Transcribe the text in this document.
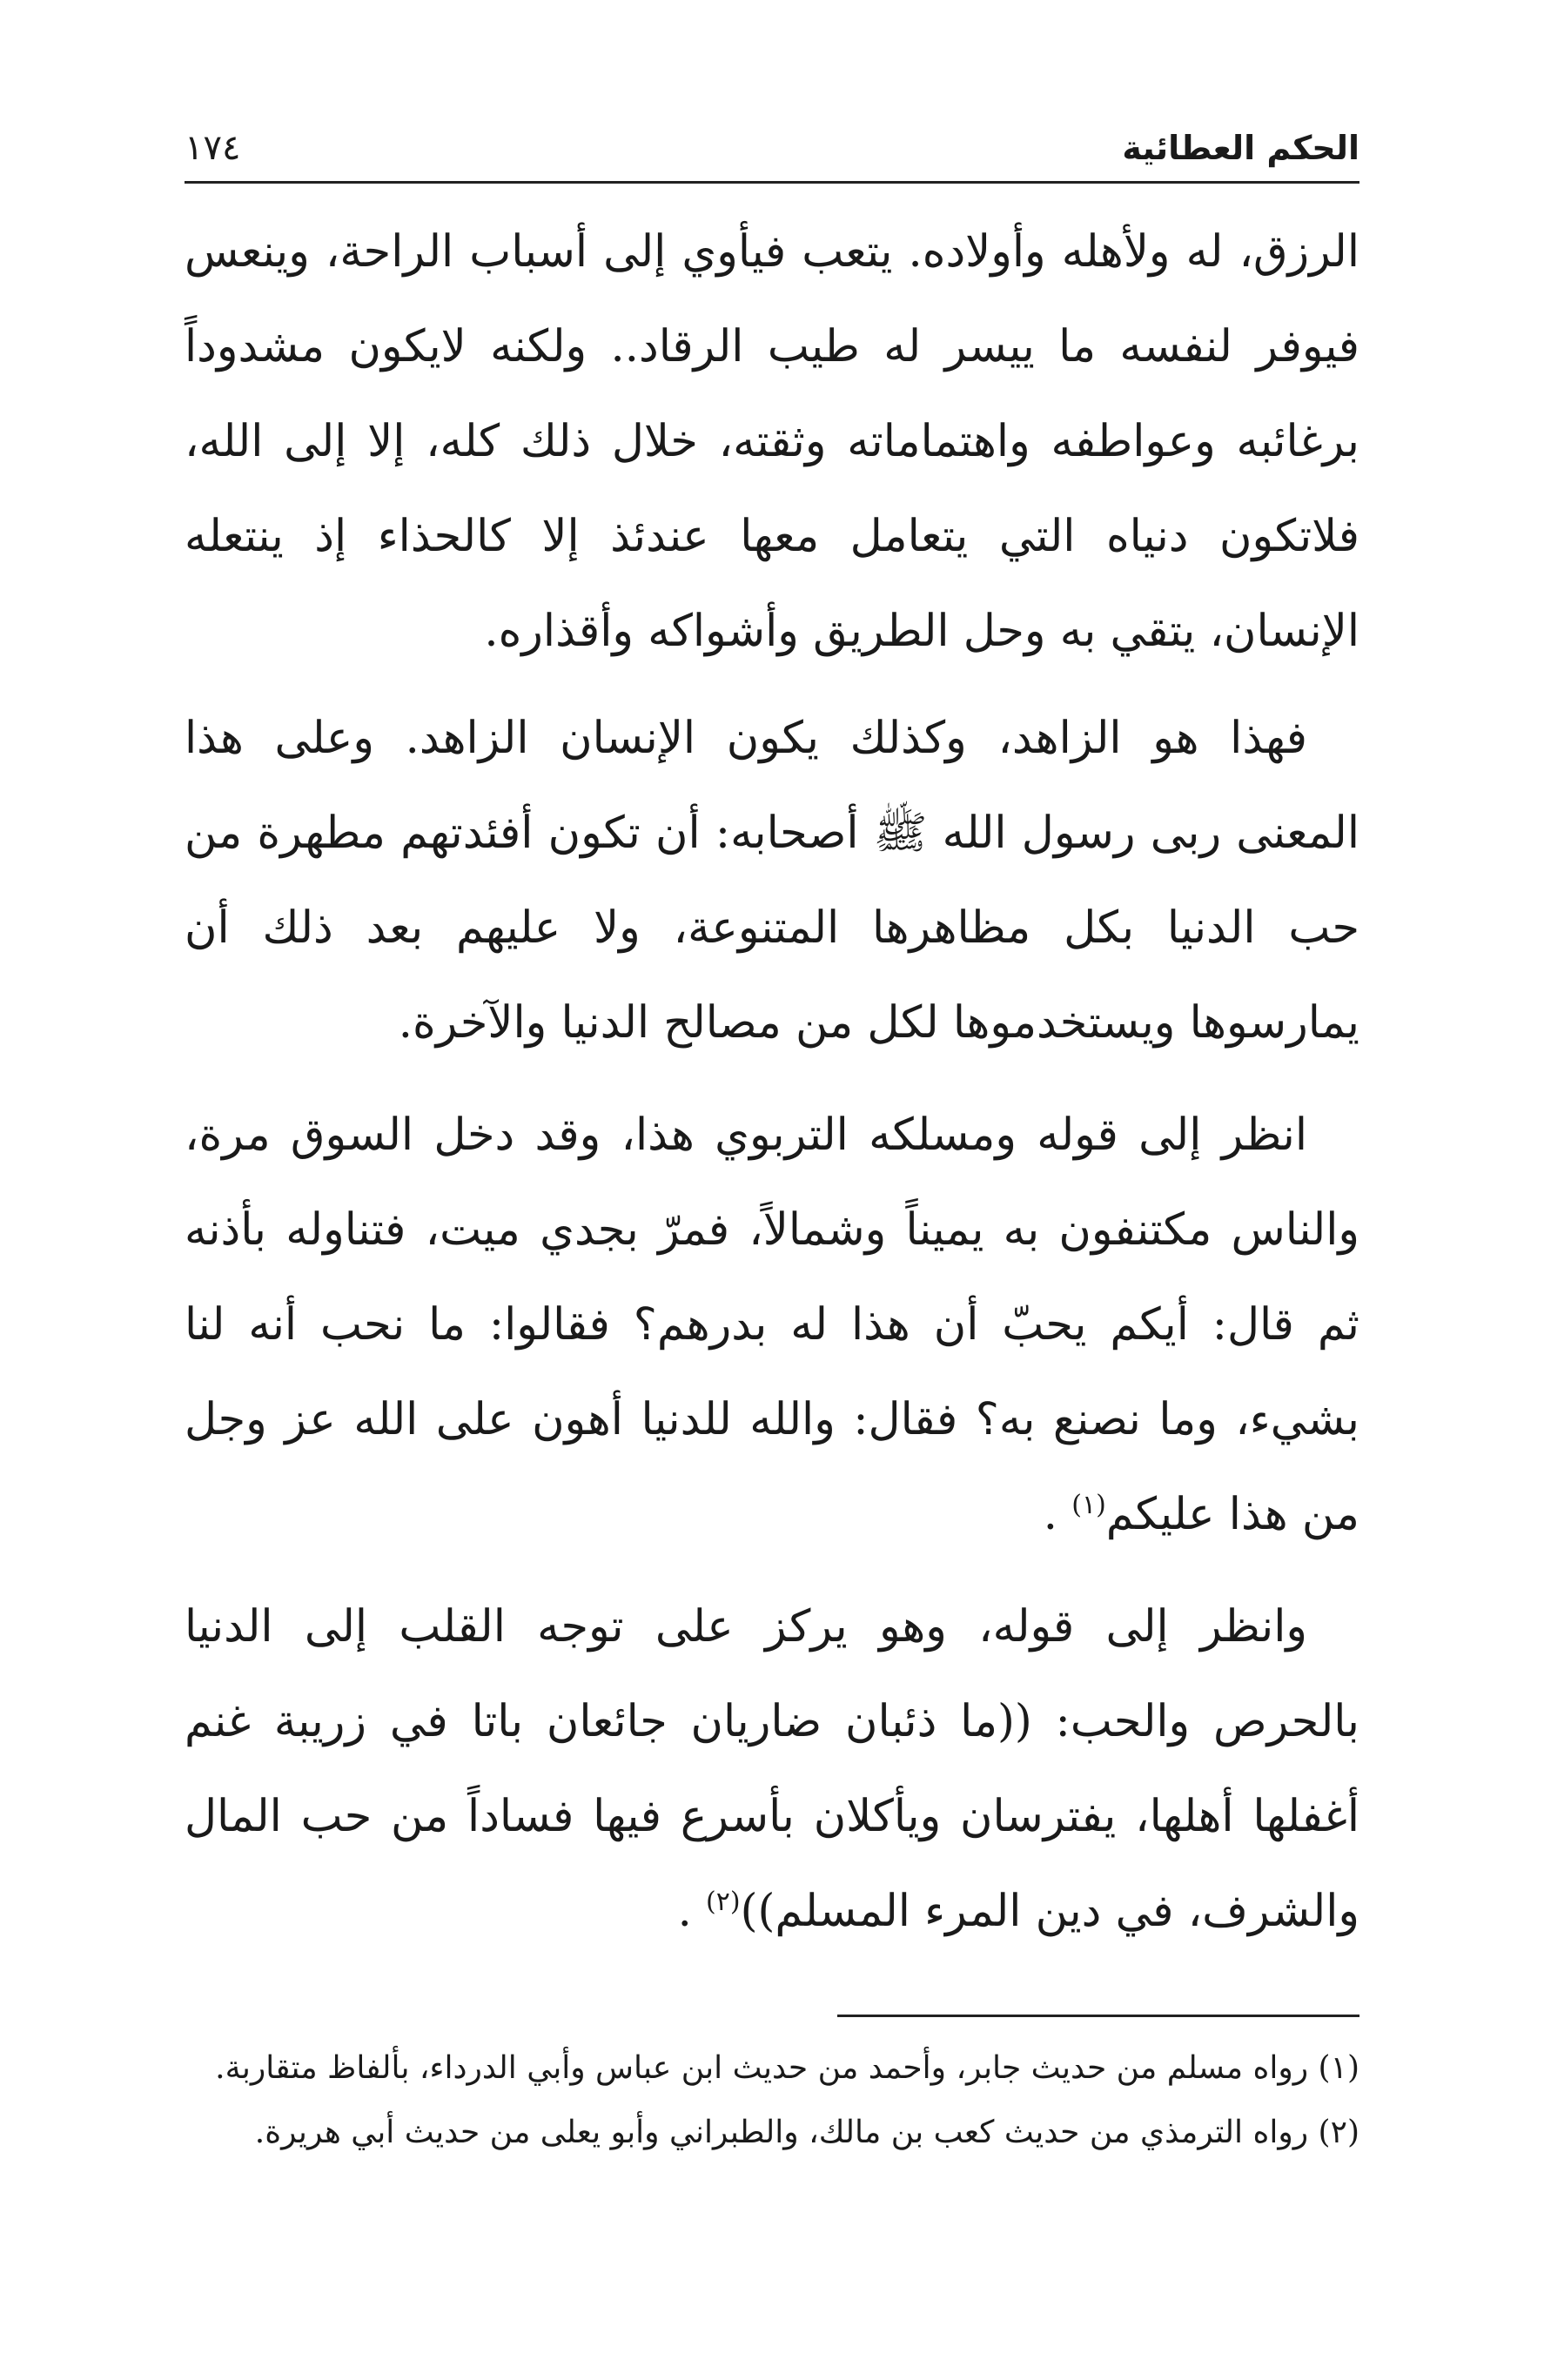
الحكم العطائية
١٧٤

الرزق، له ولأهله وأولاده. يتعب فيأوي إلى أسباب الراحة، وينعس فيوفر لنفسه ما ييسر له طيب الرقاد.. ولكنه لايكون مشدوداً برغائبه وعواطفه واهتماماته وثقته، خلال ذلك كله، إلا إلى الله، فلاتكون دنياه التي يتعامل معها عندئذ إلا كالحذاء إذ ينتعله الإنسان، يتقي به وحل الطريق وأشواكه وأقذاره.

فهذا هو الزاهد، وكذلك يكون الإنسان الزاهد. وعلى هذا المعنى ربى رسول الله ﷺ أصحابه: أن تكون أفئدتهم مطهرة من حب الدنيا بكل مظاهرها المتنوعة، ولا عليهم بعد ذلك أن يمارسوها ويستخدموها لكل من مصالح الدنيا والآخرة.

انظر إلى قوله ومسلكه التربوي هذا، وقد دخل السوق مرة، والناس مكتنفون به يميناً وشمالاً، فمرّ بجدي ميت، فتناوله بأذنه ثم قال: أيكم يحبّ أن هذا له بدرهم؟ فقالوا: ما نحب أنه لنا بشيء، وما نصنع به؟ فقال: والله للدنيا أهون على الله عز وجل من هذا عليكم$^{(١)}$ .

وانظر إلى قوله، وهو يركز على توجه القلب إلى الدنيا بالحرص والحب: ((ما ذئبان ضاريان جائعان باتا في زريبة غنم أغفلها أهلها، يفترسان ويأكلان بأسرع فيها فساداً من حب المال والشرف، في دين المرء المسلم))$^{(٢)}$ .

(١) رواه مسلم من حديث جابر، وأحمد من حديث ابن عباس وأبي الدرداء، بألفاظ متقاربة.

(٢) رواه الترمذي من حديث كعب بن مالك، والطبراني وأبو يعلى من حديث أبي هريرة.
